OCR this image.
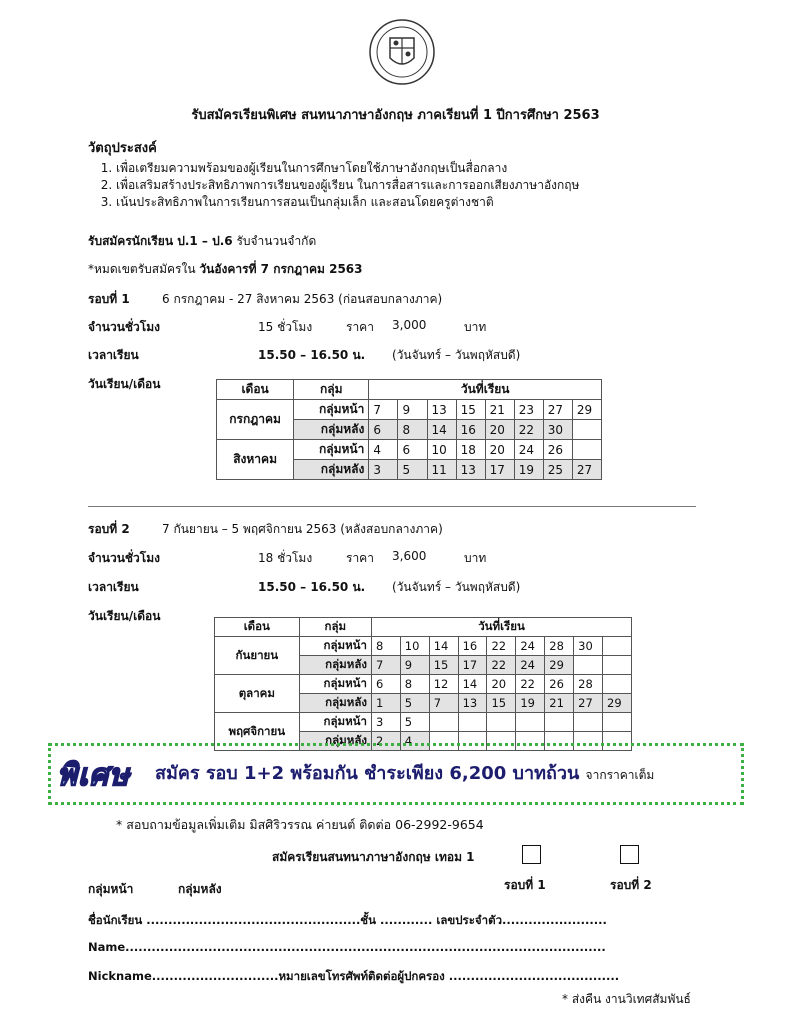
รับสมัครเรียนพิเศษ สนทนาภาษาอังกฤษ ภาคเรียนที่ 1 ปีการศึกษา 2563
วัตถุประสงค์
1. เพื่อเตรียมความพร้อมของผู้เรียนในการศึกษาโดยใช้ภาษาอังกฤษเป็นสื่อกลาง
2. เพื่อเสริมสร้างประสิทธิภาพการเรียนของผู้เรียน ในการสื่อสารและการออกเสียงภาษาอังกฤษ
3. เน้นประสิทธิภาพในการเรียนการสอนเป็นกลุ่มเล็ก และสอนโดยครูต่างชาติ
รับสมัครนักเรียน ป.1 – ป.6 รับจำนวนจำกัด
*หมดเขตรับสมัครใน วันอังคารที่ 7 กรกฎาคม 2563
รอบที่ 1	6 กรกฎาคม - 27 สิงหาคม 2563 (ก่อนสอบกลางภาค)
จำนวนชั่วโมง	15 ชั่วโมง	ราคา 3,000	บาท
เวลาเรียน	15.50 – 16.50 น. (วันจันทร์ – วันพฤหัสบดี)
วันเรียน/เดือน	เดือน	กลุ่ม	วันที่เรียน							
กรกฎาคม	กลุ่มหน้า	7	9	13	15	21	23	27	29
	กลุ่มหลัง	6	8	14	16	20	22	30	
สิงหาคม	กลุ่มหน้า	4	6	10	18	20	24	26	
	กลุ่มหลัง	3	5	11	13	17	19	25	27
รอบที่ 2	7 กันยายน – 5 พฤศจิกายน 2563 (หลังสอบกลางภาค)
จำนวนชั่วโมง	18 ชั่วโมง	ราคา 3,600	บาท
เวลาเรียน	15.50 – 16.50 น. (วันจันทร์ – วันพฤหัสบดี)
วันเรียน/เดือน
เดือน	กลุ่ม	วันที่เรียน								
กันยายน	กลุ่มหน้า	8	10	14	16	22	24	28	30	
	กลุ่มหลัง	7	9	15	17	22	24	29		
ตุลาคม	กลุ่มหน้า	6	8	12	14	20	22	26	28	
	กลุ่มหลัง	1	5	7	13	15	19	21	27	29
พฤศจิกายน	กลุ่มหน้า	3	5							
	กลุ่มหลัง	2	4							
พิเศษ สมัคร รอบ 1+2 พร้อมกัน ชำระเพียง 6,200 บาทถ้วน จากราคาเต็ม
* สอบถามข้อมูลเพิ่มเติม มิสศิริวรรณ ค่ายนต์ ติดต่อ 06-2992-9654
สมัครเรียนสนทนาภาษาอังกฤษ เทอม 1
รอบที่ 1	รอบที่ 2
กลุ่มหน้า	กลุ่มหลัง
ชื่อนักเรียน .................................................ชั้น ............ เลขประจำตัว........................
Name..............................................................................................................
Nickname.............................หมายเลขโทรศัพท์ติดต่อผู้ปกครอง .......................................
* ส่งคืน งานวิเทศสัมพันธ์
